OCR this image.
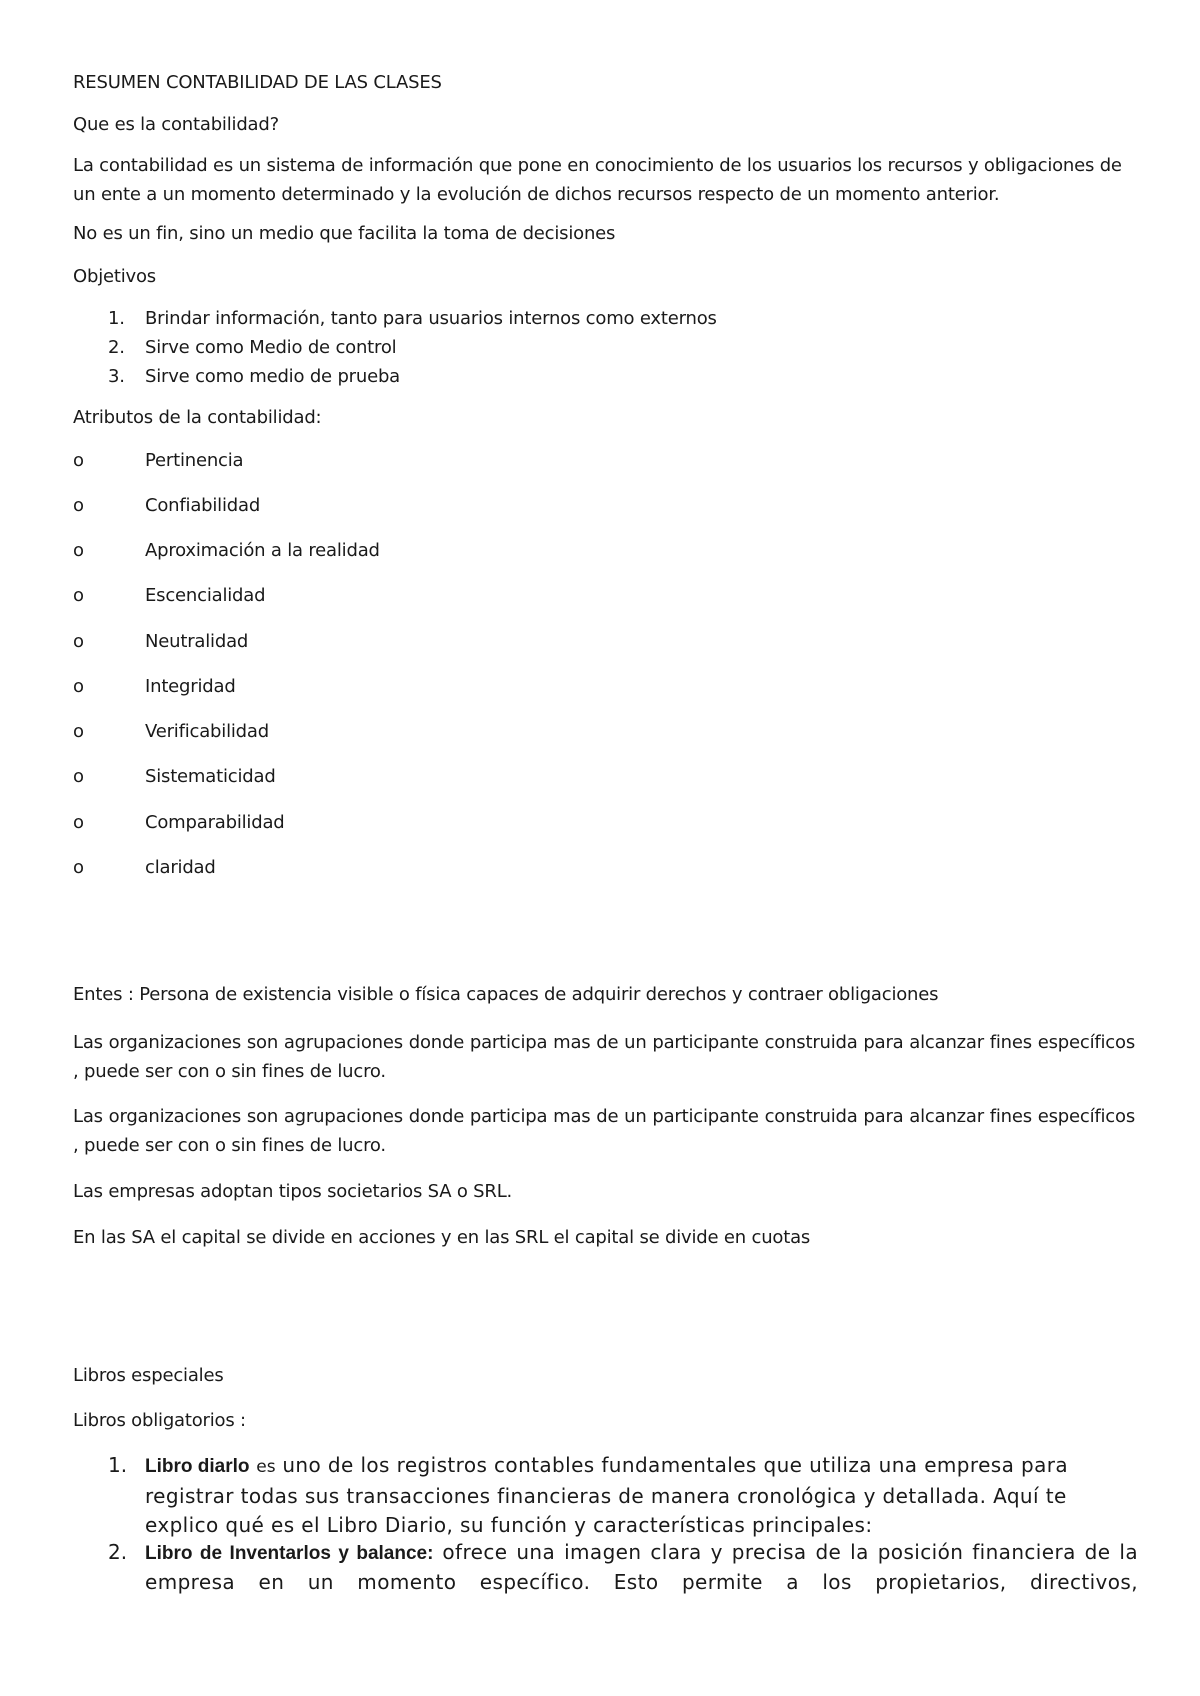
RESUMEN CONTABILIDAD DE LAS CLASES
Que es la contabilidad?
La contabilidad es un sistema de información que pone en conocimiento de los usuarios los recursos y obligaciones de un ente a un momento determinado y la evolución de dichos recursos respecto de un momento anterior.
No es un fin, sino un medio que facilita la toma de decisiones
Objetivos
1.	Brindar información, tanto para usuarios internos como externos
2.	Sirve como Medio de control
3.	Sirve como medio de prueba
Atributos de la contabilidad:
o	Pertinencia
o	Confiabilidad
o	Aproximación a la realidad
o	Escencialidad
o	Neutralidad
o	Integridad
o	Verificabilidad
o	Sistematicidad
o	Comparabilidad
o	claridad
Entes : Persona de existencia visible o física capaces de adquirir derechos y contraer obligaciones
Las organizaciones son agrupaciones donde participa mas de un participante construida para alcanzar fines específicos , puede ser con o sin fines de lucro.
Las organizaciones son agrupaciones donde participa mas de un participante construida para alcanzar fines específicos , puede ser con o sin fines de lucro.
Las empresas adoptan tipos societarios SA o SRL.
En las SA el capital se divide en acciones y en las SRL el capital se divide en cuotas
Libros especiales
Libros obligatorios :
1. Libro diarlo es uno de los registros contables fundamentales que utiliza una empresa para registrar todas sus transacciones financieras de manera cronológica y detallada. Aquí te explico qué es el Libro Diario, su función y características principales:
2. Libro de Inventarlos y balance: ofrece una imagen clara y precisa de la posición financiera de la empresa en un momento específico. Esto permite a los propietarios, directivos,
